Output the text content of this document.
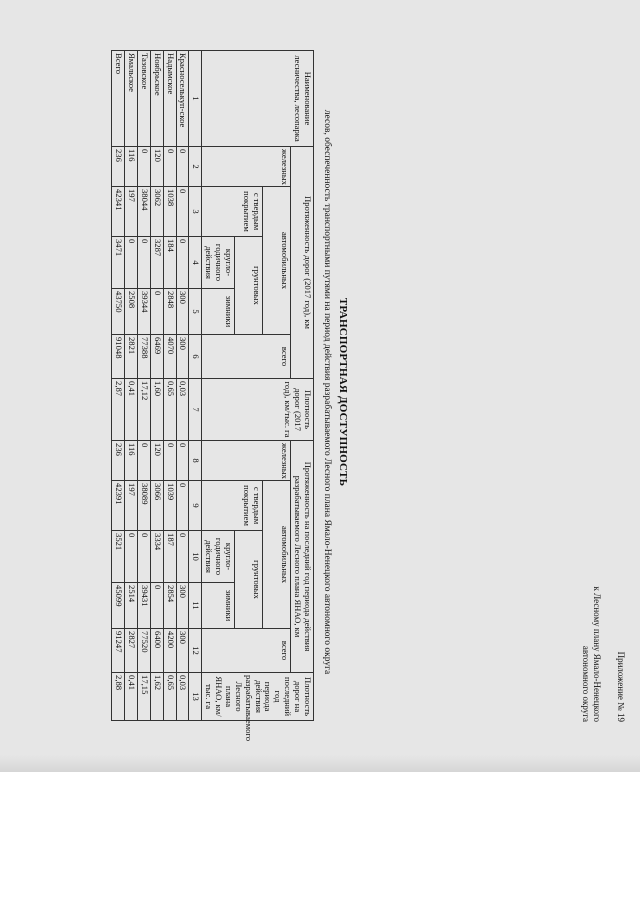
Приложение № 19
к Лесному плану Ямало-Ненецкого
автономного округа
ТРАНСПОРТНАЯ ДОСТУПНОСТЬ
лесов, обеспеченность транспортными путями на период действия разрабатываемого Лесного плана Ямало-Ненецкого автономного округа
Наименование лесничества, лесопарка	Протяженность дорог (2017 год), км					Плотность дорог (2017 год), км/тыс. га	Протяженность на последний год периода действия разрабатываемого Лесного плана ЯНАО, км					Плотность дорог на последний год периода действия разрабатываемого Лесного плана ЯНАО, км/тыс. га
	железных	автомобильных			всего		железных	автомобильных			всего	
		с твердым покрытием	грунтовых					с твердым покрытием	грунтовых			
			кругло-годичного действия	зимники					кругло-годичного действия	зимники		
1	2	3	4	5	6	7	8	9	10	11	12	13
Красноселькуп-ское	0	0	0	300	300	0,03	0	0	0	300	300	0,03
Надымское	0	1038	184	2848	4070	0,65	0	1039	187	2854	4200	0,65
Ноябрьское	120	3062	3287	0	6469	1,60	120	3066	3334	0	6400	1,62
Тазовское	0	38044	0	39344	77388	17,12	0	38089	0	39431	77520	17,15
Ямальское	116	197	0	2508	2821	0,41	116	197	0	2514	2827	0,41
Всего	236	42341	3471	43750	91048	2,87	236	42391	3521	45099	91247	2,88
